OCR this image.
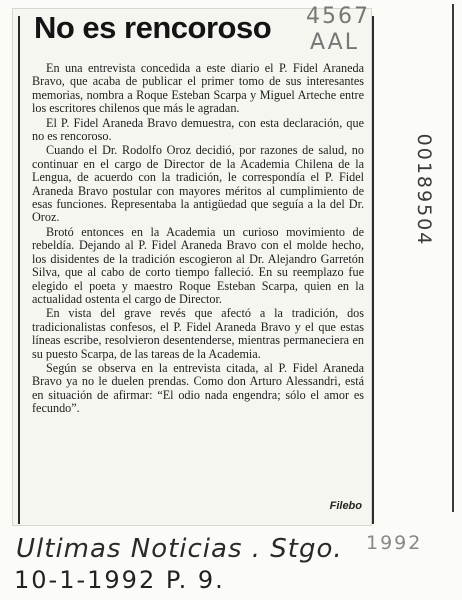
No es rencoroso

En una entrevista concedida a este diario el P. Fidel Araneda Bravo, que acaba de publicar el primer tomo de sus interesantes memorias, nombra a Roque Esteban Scarpa y Miguel Arteche entre los escritores chilenos que más le agradan.

El P. Fidel Araneda Bravo demuestra, con esta declaración, que no es rencoroso.

Cuando el Dr. Rodolfo Oroz decidió, por razones de salud, no continuar en el cargo de Director de la Academia Chilena de la Lengua, de acuerdo con la tradición, le correspondía el P. Fidel Araneda Bravo postular con mayores méritos al cumplimiento de esas funciones. Representaba la antigüedad que seguía a la del Dr. Oroz.

Brotó entonces en la Academia un curioso movimiento de rebeldía. Dejando al P. Fidel Araneda Bravo con el molde hecho, los disidentes de la tradición escogieron al Dr. Alejandro Garretón Silva, que al cabo de corto tiempo falleció. En su reemplazo fue elegido el poeta y maestro Roque Esteban Scarpa, quien en la actualidad ostenta el cargo de Director.

En vista del grave revés que afectó a la tradición, dos tradicionalistas confesos, el P. Fidel Araneda Bravo y el que estas líneas escribe, resolvieron desentenderse, mientras permaneciera en su puesto Scarpa, de las tareas de la Academia.

Según se observa en la entrevista citada, al P. Fidel Araneda Bravo ya no le duelen prendas. Como don Arturo Alessandri, está en situación de afirmar: “El odio nada engendra; sólo el amor es fecundo”.

Filebo
4567
AAL
00189504
Ultimas Noticias . Stgo. 1992
10-1-1992 P. 9.
